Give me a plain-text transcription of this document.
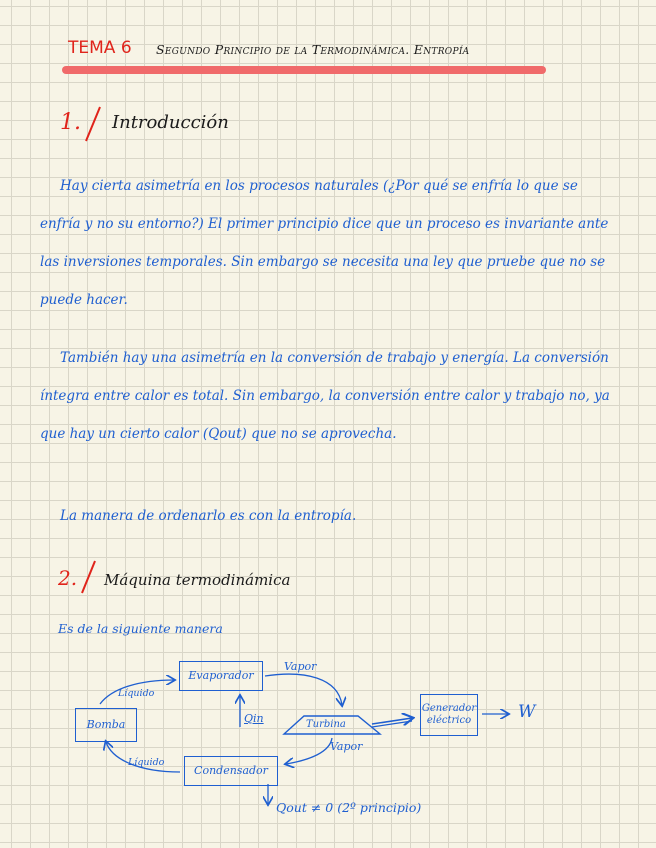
TEMA 6 Segundo Principio de la Termodinámica. Entropía
1. Introducción

Hay cierta asimetría en los procesos naturales (¿Por qué se enfría lo que se enfría y no su entorno?) El primer principio dice que un proceso es invariante ante las inversiones temporales. Sin embargo se necesita una ley que pruebe que no se puede hacer.

También hay una asimetría en la conversión de trabajo y energía. La conversión íntegra entre calor es total. Sin embargo, la conversión entre calor y trabajo no, ya que hay un cierto calor (Qout) que no se aprovecha.

La manera de ordenarlo es con la entropía.

2. Máquina termodinámica
Es de la siguiente manera
Evaporador
Bomba
Condensador
Generador eléctrico
Turbina
Vapor
Vapor
Líquido
Líquido
Qin	W
Qout ≠ 0 (2º principio)
